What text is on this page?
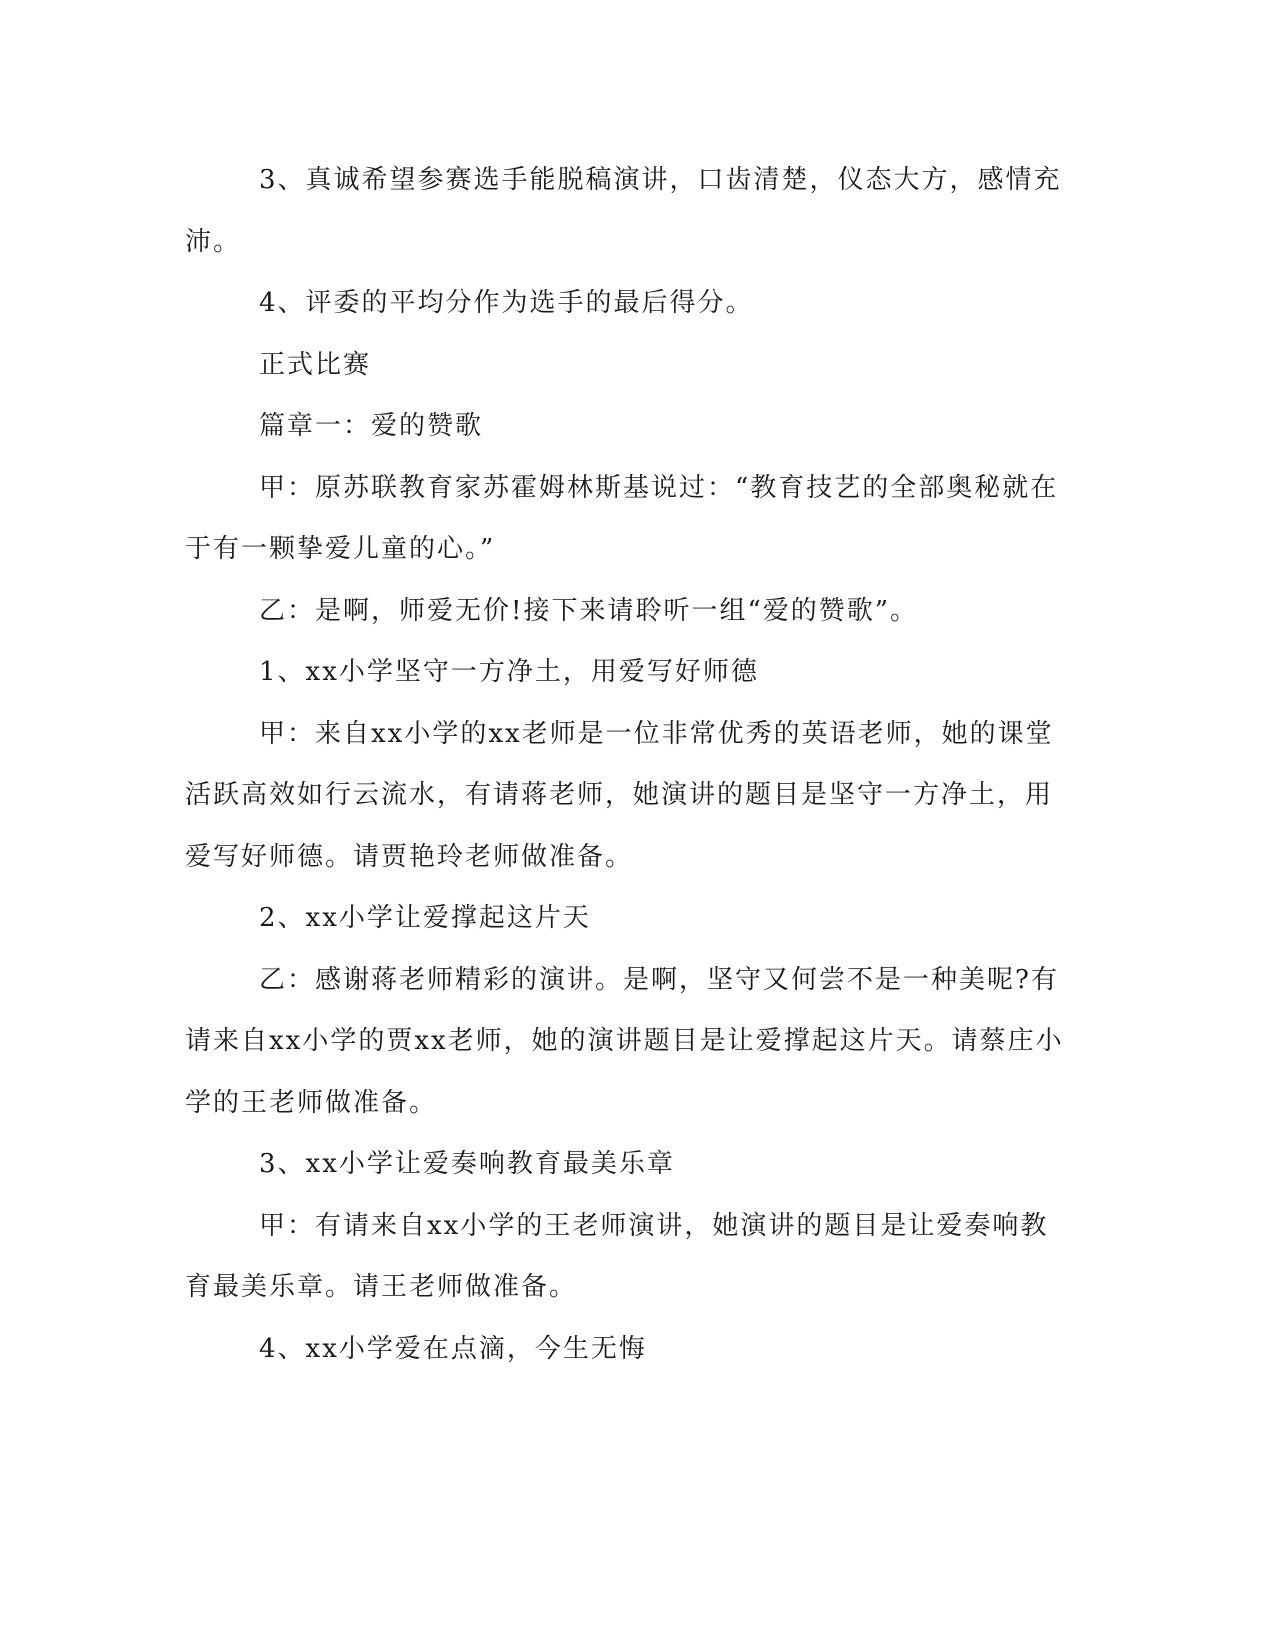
3、真诚希望参赛选手能脱稿演讲，口齿清楚，仪态大方，感情充沛。

4、评委的平均分作为选手的最后得分。

正式比赛

篇章一：爱的赞歌

甲：原苏联教育家苏霍姆林斯基说过：“教育技艺的全部奥秘就在于有一颗挚爱儿童的心。”

乙：是啊，师爱无价!接下来请聆听一组“爱的赞歌”。

1、xx小学坚守一方净土，用爱写好师德

甲：来自xx小学的xx老师是一位非常优秀的英语老师，她的课堂活跃高效如行云流水，有请蒋老师，她演讲的题目是坚守一方净土，用爱写好师德。请贾艳玲老师做准备。

2、xx小学让爱撑起这片天

乙：感谢蒋老师精彩的演讲。是啊，坚守又何尝不是一种美呢?有请来自xx小学的贾xx老师，她的演讲题目是让爱撑起这片天。请蔡庄小学的王老师做准备。

3、xx小学让爱奏响教育最美乐章

甲：有请来自xx小学的王老师演讲，她演讲的题目是让爱奏响教育最美乐章。请王老师做准备。

4、xx小学爱在点滴，今生无悔
